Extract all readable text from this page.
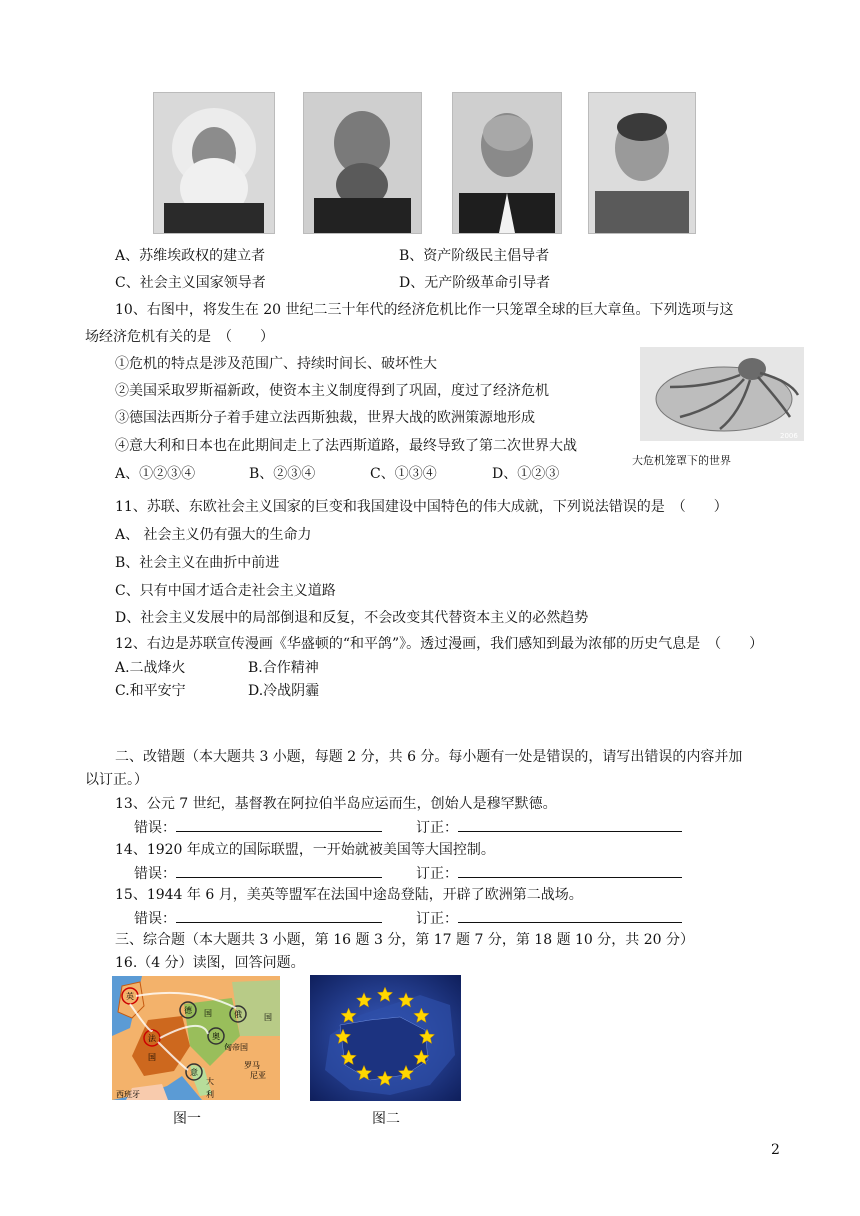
A、苏维埃政权的建立者	B、资产阶级民主倡导者
C、社会主义国家领导者	D、无产阶级革命引导者
10、右图中，将发生在 20 世纪二三十年代的经济危机比作一只笼罩全球的巨大章鱼。下列选项与这
场经济危机有关的是　（　　）
①危机的特点是涉及范围广、持续时间长、破坏性大
②美国采取罗斯福新政，使资本主义制度得到了巩固，度过了经济危机
③德国法西斯分子着手建立法西斯独裁，世界大战的欧洲策源地形成
④意大利和日本也在此期间走上了法西斯道路，最终导致了第二次世界大战
A、①②③④	B、②③④	C、①③④	D、①②③
2006
大危机笼罩下的世界
11、苏联、东欧社会主义国家的巨变和我国建设中国特色的伟大成就，下列说法错误的是　（　　）
A、 社会主义仍有强大的生命力
B、社会主义在曲折中前进
C、只有中国才适合走社会主义道路
D、社会主义发展中的局部倒退和反复，不会改变其代替资本主义的必然趋势
12、右边是苏联宣传漫画《华盛顿的“和平鸽”》。透过漫画，我们感知到最为浓郁的历史气息是　（　　）
A.二战烽火	B.合作精神
C.和平安宁	D.冷战阴霾
二、改错题（本大题共 3 小题，每题 2 分，共 6 分。每小题有一处是错误的，请写出错误的内容并加
以订正。）
13、公元 7 世纪，基督教在阿拉伯半岛应运而生，创始人是穆罕默德。
错误：	订正：
14、1920 年成立的国际联盟，一开始就被美国等大国控制。
错误：	订正：
15、1944 年 6 月，美英等盟军在法国中途岛登陆，开辟了欧洲第二战场。
错误：	订正：
三、综合题（本大题共 3 小题，第 16 题 3 分，第 17 题 7 分，第 18 题 10 分，共 20 分）
16.（4 分）读图，回答问题。
英
德 国	俄	国
奥
匈帝国
法
国
意
大
利
罗马
尼亚
西班牙
图一	图二
2
